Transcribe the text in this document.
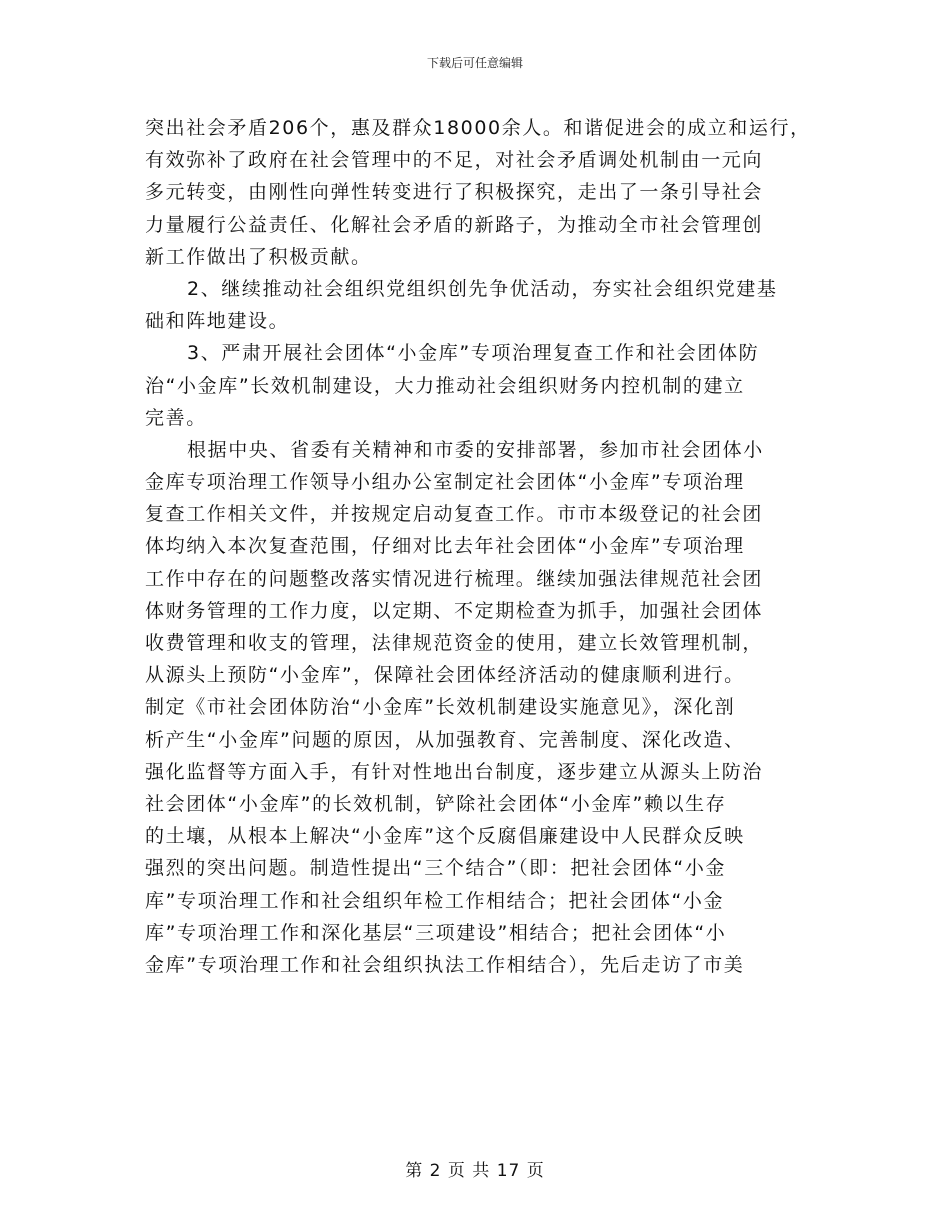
下载后可任意编辑
突出社会矛盾206个，惠及群众18000余人。和谐促进会的成立和运行，
有效弥补了政府在社会管理中的不足，对社会矛盾调处机制由一元向
多元转变，由刚性向弹性转变进行了积极探究，走出了一条引导社会
力量履行公益责任、化解社会矛盾的新路子，为推动全市社会管理创
新工作做出了积极贡献。
2、继续推动社会组织党组织创先争优活动，夯实社会组织党建基
础和阵地建设。
3、严肃开展社会团体“小金库”专项治理复查工作和社会团体防
治“小金库”长效机制建设，大力推动社会组织财务内控机制的建立
完善。
根据中央、省委有关精神和市委的安排部署，参加市社会团体小
金库专项治理工作领导小组办公室制定社会团体“小金库”专项治理
复查工作相关文件，并按规定启动复查工作。市市本级登记的社会团
体均纳入本次复查范围，仔细对比去年社会团体“小金库”专项治理
工作中存在的问题整改落实情况进行梳理。继续加强法律规范社会团
体财务管理的工作力度，以定期、不定期检查为抓手，加强社会团体
收费管理和收支的管理，法律规范资金的使用，建立长效管理机制，
从源头上预防“小金库”，保障社会团体经济活动的健康顺利进行。
制定《市社会团体防治“小金库”长效机制建设实施意见》，深化剖
析产生“小金库”问题的原因，从加强教育、完善制度、深化改造、
强化监督等方面入手，有针对性地出台制度，逐步建立从源头上防治
社会团体“小金库”的长效机制，铲除社会团体“小金库”赖以生存
的土壤，从根本上解决“小金库”这个反腐倡廉建设中人民群众反映
强烈的突出问题。制造性提出“三个结合”（即：把社会团体“小金
库”专项治理工作和社会组织年检工作相结合；把社会团体“小金
库”专项治理工作和深化基层“三项建设”相结合；把社会团体“小
金库”专项治理工作和社会组织执法工作相结合），先后走访了市美
第 2 页 共 17 页
